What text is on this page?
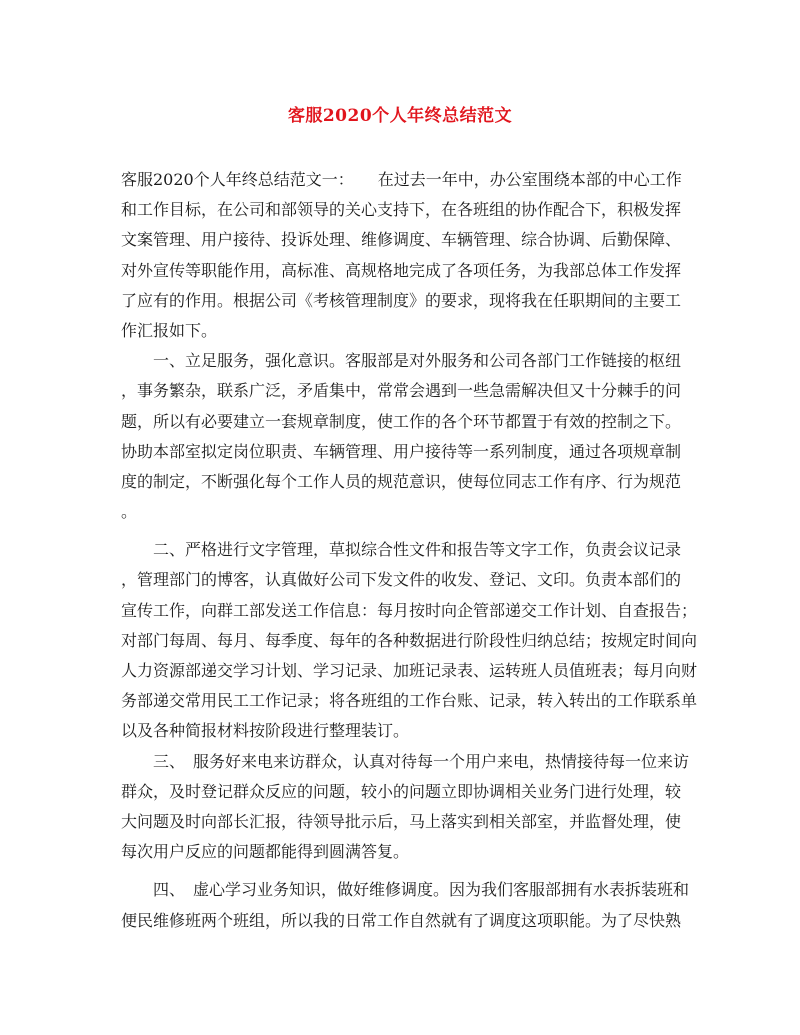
客服2020个人年终总结范文
客服2020个人年终总结范文一：　　在过去一年中，办公室围绕本部的中心工作
和工作目标，在公司和部领导的关心支持下，在各班组的协作配合下，积极发挥
文案管理、用户接待、投诉处理、维修调度、车辆管理、综合协调、后勤保障、
对外宣传等职能作用，高标准、高规格地完成了各项任务，为我部总体工作发挥
了应有的作用。根据公司《考核管理制度》的要求，现将我在任职期间的主要工
作汇报如下。
　　一、立足服务，强化意识。客服部是对外服务和公司各部门工作链接的枢纽
，事务繁杂，联系广泛，矛盾集中，常常会遇到一些急需解决但又十分棘手的问
题，所以有必要建立一套规章制度，使工作的各个环节都置于有效的控制之下。
协助本部室拟定岗位职责、车辆管理、用户接待等一系列制度，通过各项规章制
度的制定，不断强化每个工作人员的规范意识，使每位同志工作有序、行为规范
。
　　二、严格进行文字管理，草拟综合性文件和报告等文字工作，负责会议记录
，管理部门的博客，认真做好公司下发文件的收发、登记、文印。负责本部们的
宣传工作，向群工部发送工作信息：每月按时向企管部递交工作计划、自查报告；
对部门每周、每月、每季度、每年的各种数据进行阶段性归纳总结；按规定时间向
人力资源部递交学习计划、学习记录、加班记录表、运转班人员值班表；每月向财
务部递交常用民工工作记录；将各班组的工作台账、记录，转入转出的工作联系单
以及各种简报材料按阶段进行整理装订。
　　三、　服务好来电来访群众，认真对待每一个用户来电，热情接待每一位来访
群众，及时登记群众反应的问题，较小的问题立即协调相关业务门进行处理，较
大问题及时向部长汇报，待领导批示后，马上落实到相关部室，并监督处理，使
每次用户反应的问题都能得到圆满答复。
　　四、　虚心学习业务知识，做好维修调度。因为我们客服部拥有水表拆装班和
便民维修班两个班组，所以我的日常工作自然就有了调度这项职能。为了尽快熟
